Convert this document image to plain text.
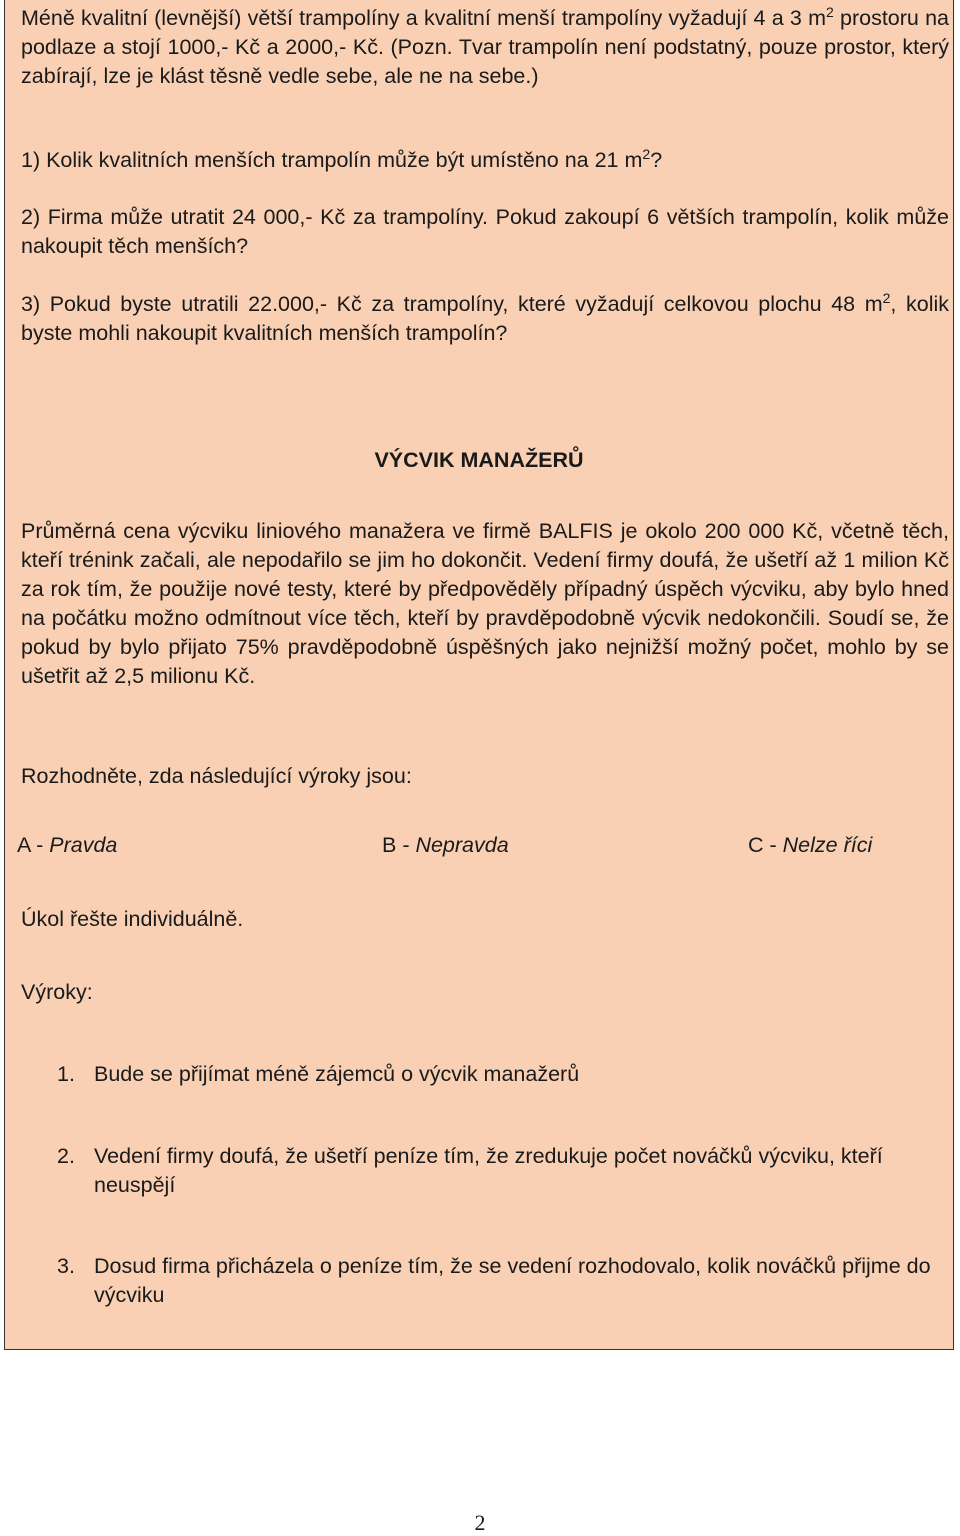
Méně kvalitní (levnější) větší trampolíny a kvalitní menší trampolíny vyžadují 4 a 3 $m^2$ prostoru na podlaze a stojí 1000,- Kč a 2000,- Kč. (Pozn. Tvar trampolín není podstatný, pouze prostor, který zabírají, lze je klást těsně vedle sebe, ale ne na sebe.)

1) Kolik kvalitních menších trampolín může být umístěno na 21 $m^2$?

2) Firma může utratit 24 000,- Kč za trampolíny. Pokud zakoupí 6 větších trampolín, kolik může nakoupit těch menších?

3) Pokud byste utratili 22.000,- Kč za trampolíny, které vyžadují celkovou plochu 48 $m^2$, kolik byste mohli nakoupit kvalitních menších trampolín?

VÝCVIK MANAŽERŮ

Průměrná cena výcviku liniového manažera ve firmě BALFIS je okolo 200 000 Kč, včetně těch, kteří trénink začali, ale nepodařilo se jim ho dokončit. Vedení firmy doufá, že ušetří až 1 milion Kč za rok tím, že použije nové testy, které by předpověděly případný úspěch výcviku, aby bylo hned na počátku možno odmítnout více těch, kteří by pravděpodobně výcvik nedokončili. Soudí se, že pokud by bylo přijato 75% pravděpodobně úspěšných jako nejnižší možný počet, mohlo by se ušetřit až 2,5 milionu Kč.

Rozhodněte, zda následující výroky jsou:

A - Pravda	B - Nepravda	C - Nelze říci

Úkol řešte individuálně.

Výroky:

1. Bude se přijímat méně zájemců o výcvik manažerů
2. Vedení firmy doufá, že ušetří peníze tím, že zredukuje počet nováčků výcviku, kteří neuspějí
3. Dosud firma přicházela o peníze tím, že se vedení rozhodovalo, kolik nováčků přijme do výcviku
2
